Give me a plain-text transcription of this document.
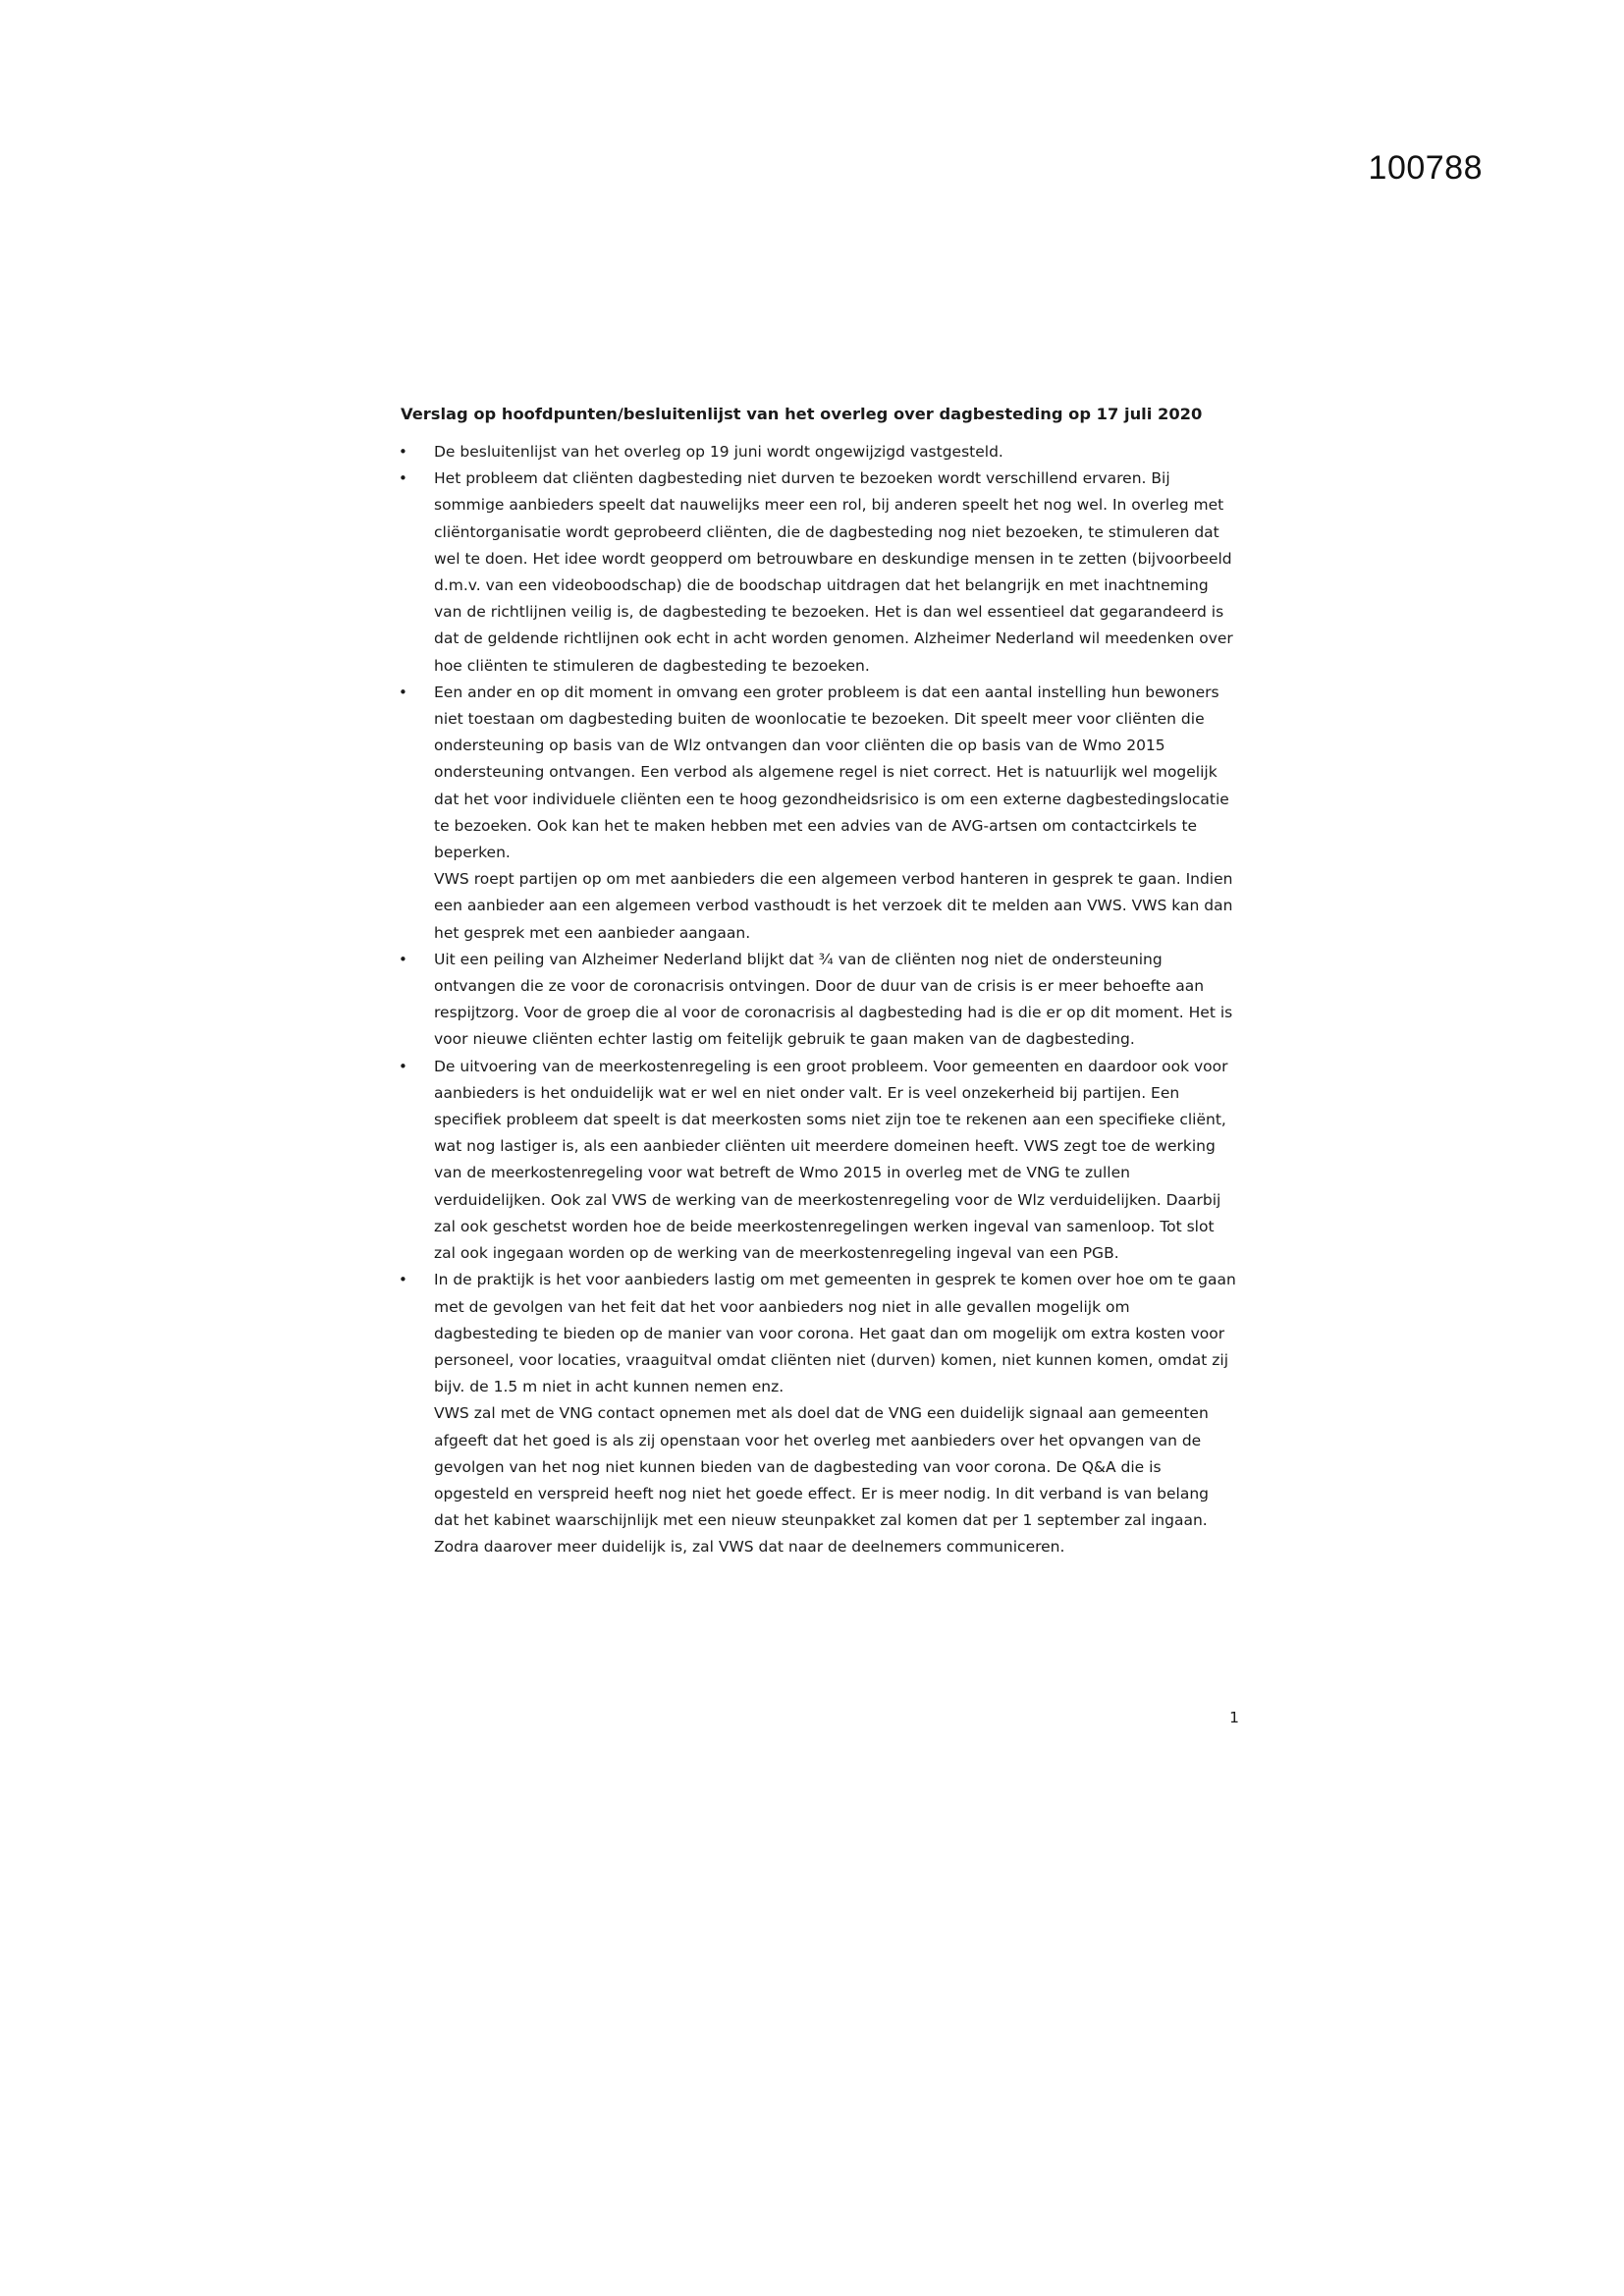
100788
Verslag op hoofdpunten/besluitenlijst van het overleg over dagbesteding op 17 juli 2020
• De besluitenlijst van het overleg op 19 juni wordt ongewijzigd vastgesteld.

• Het probleem dat cliënten dagbesteding niet durven te bezoeken wordt verschillend ervaren. Bij sommige aanbieders speelt dat nauwelijks meer een rol, bij anderen speelt het nog wel. In overleg met cliëntorganisatie wordt geprobeerd cliënten, die de dagbesteding nog niet bezoeken, te stimuleren dat wel te doen. Het idee wordt geopperd om betrouwbare en deskundige mensen in te zetten (bijvoorbeeld d.m.v. van een videoboodschap) die de boodschap uitdragen dat het belangrijk en met inachtneming van de richtlijnen veilig is, de dagbesteding te bezoeken. Het is dan wel essentieel dat gegarandeerd is dat de geldende richtlijnen ook echt in acht worden genomen. Alzheimer Nederland wil meedenken over hoe cliënten te stimuleren de dagbesteding te bezoeken.

• Een ander en op dit moment in omvang een groter probleem is dat een aantal instelling hun bewoners niet toestaan om dagbesteding buiten de woonlocatie te bezoeken. Dit speelt meer voor cliënten die ondersteuning op basis van de Wlz ontvangen dan voor cliënten die op basis van de Wmo 2015 ondersteuning ontvangen. Een verbod als algemene regel is niet correct. Het is natuurlijk wel mogelijk dat het voor individuele cliënten een te hoog gezondheidsrisico is om een externe dagbestedingslocatie te bezoeken. Ook kan het te maken hebben met een advies van de AVG-artsen om contactcirkels te beperken.

VWS roept partijen op om met aanbieders die een algemeen verbod hanteren in gesprek te gaan. Indien een aanbieder aan een algemeen verbod vasthoudt is het verzoek dit te melden aan VWS. VWS kan dan het gesprek met een aanbieder aangaan.

• Uit een peiling van Alzheimer Nederland blijkt dat ¾ van de cliënten nog niet de ondersteuning ontvangen die ze voor de coronacrisis ontvingen. Door de duur van de crisis is er meer behoefte aan respijtzorg. Voor de groep die al voor de coronacrisis al dagbesteding had is die er op dit moment. Het is voor nieuwe cliënten echter lastig om feitelijk gebruik te gaan maken van de dagbesteding.

• De uitvoering van de meerkostenregeling is een groot probleem. Voor gemeenten en daardoor ook voor aanbieders is het onduidelijk wat er wel en niet onder valt. Er is veel onzekerheid bij partijen. Een specifiek probleem dat speelt is dat meerkosten soms niet zijn toe te rekenen aan een specifieke cliënt, wat nog lastiger is, als een aanbieder cliënten uit meerdere domeinen heeft. VWS zegt toe de werking van de meerkostenregeling voor wat betreft de Wmo 2015 in overleg met de VNG te zullen verduidelijken. Ook zal VWS de werking van de meerkostenregeling voor de Wlz verduidelijken. Daarbij zal ook geschetst worden hoe de beide meerkostenregelingen werken ingeval van samenloop. Tot slot zal ook ingegaan worden op de werking van de meerkostenregeling ingeval van een PGB.

• In de praktijk is het voor aanbieders lastig om met gemeenten in gesprek te komen over hoe om te gaan met de gevolgen van het feit dat het voor aanbieders nog niet in alle gevallen mogelijk om dagbesteding te bieden op de manier van voor corona. Het gaat dan om mogelijk om extra kosten voor personeel, voor locaties, vraaguitval omdat cliënten niet (durven) komen, niet kunnen komen, omdat zij bijv. de 1.5 m niet in acht kunnen nemen enz.

VWS zal met de VNG contact opnemen met als doel dat de VNG een duidelijk signaal aan gemeenten afgeeft dat het goed is als zij openstaan voor het overleg met aanbieders over het opvangen van de gevolgen van het nog niet kunnen bieden van de dagbesteding van voor corona. De Q&A die is opgesteld en verspreid heeft nog niet het goede effect. Er is meer nodig. In dit verband is van belang dat het kabinet waarschijnlijk met een nieuw steunpakket zal komen dat per 1 september zal ingaan. Zodra daarover meer duidelijk is, zal VWS dat naar de deelnemers communiceren.

1
